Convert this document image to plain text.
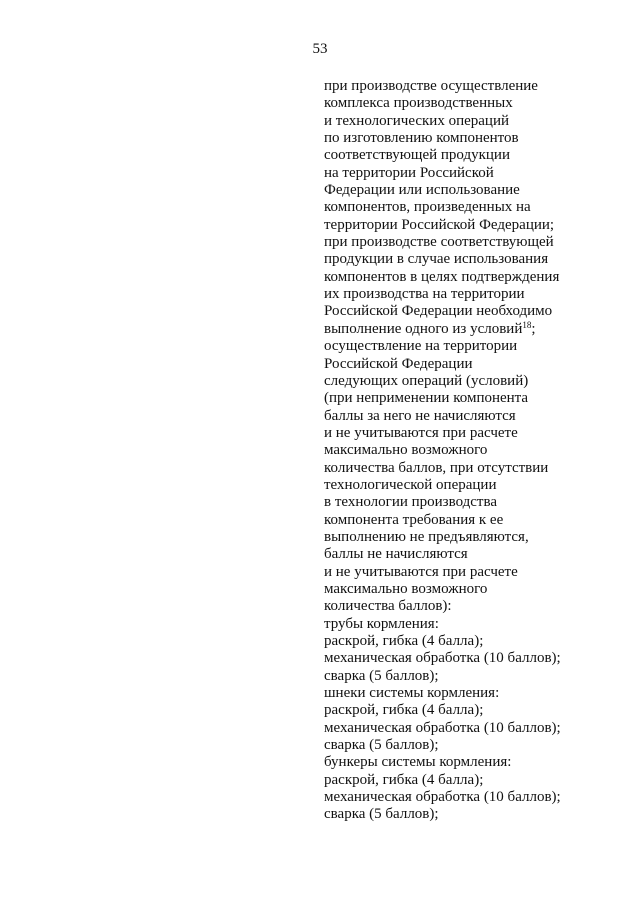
53
при производстве осуществление
комплекса производственных
и технологических операций
по изготовлению компонентов
соответствующей продукции
на территории Российской
Федерации или использование
компонентов, произведенных на
территории Российской Федерации;
при производстве соответствующей
продукции в случае использования
компонентов в целях подтверждения
их производства на территории
Российской Федерации необходимо
выполнение одного из условий$^{18}$;
осуществление на территории
Российской Федерации
следующих операций (условий)
(при неприменении компонента
баллы за него не начисляются
и не учитываются при расчете
максимально возможного
количества баллов, при отсутствии
технологической операции
в технологии производства
компонента требования к ее
выполнению не предъявляются,
баллы не начисляются
и не учитываются при расчете
максимально возможного
количества баллов):
трубы кормления:
раскрой, гибка (4 балла);
механическая обработка (10 баллов);
сварка (5 баллов);
шнеки системы кормления:
раскрой, гибка (4 балла);
механическая обработка (10 баллов);
сварка (5 баллов);
бункеры системы кормления:
раскрой, гибка (4 балла);
механическая обработка (10 баллов);
сварка (5 баллов);
